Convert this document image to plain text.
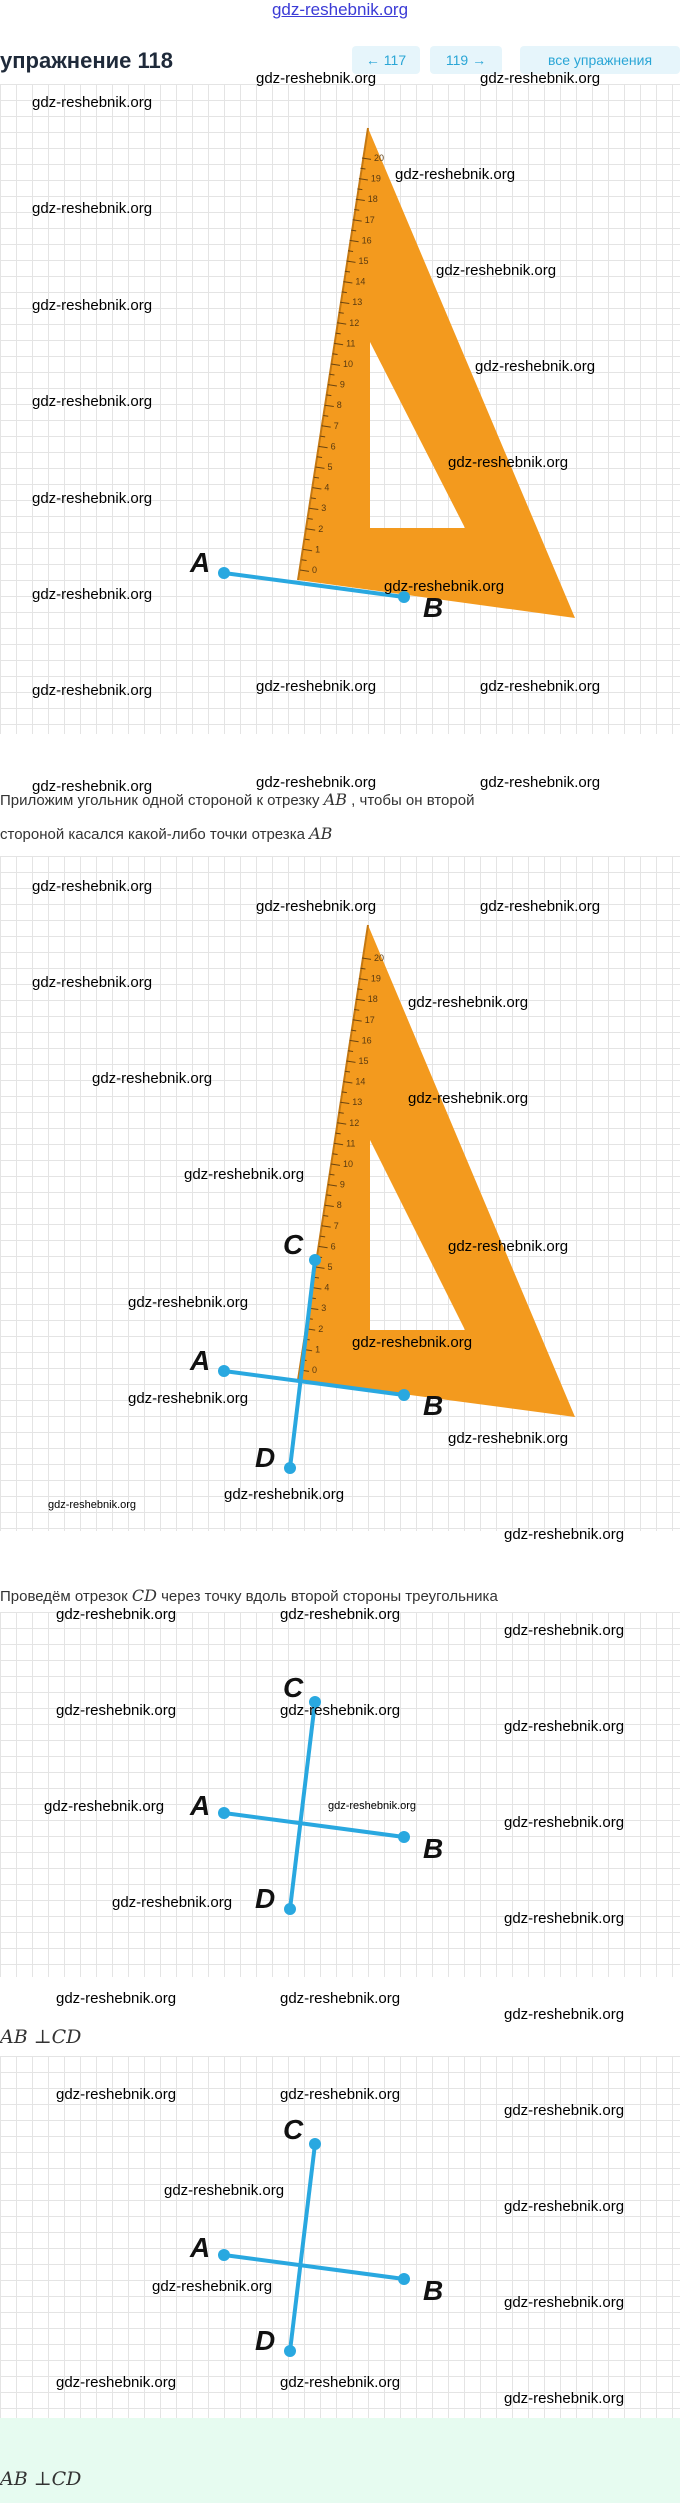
gdz-reshebnik.org
упражнение 118	← 117	119 →	все упражнения
0
1
2
3
4
5
6
7
8
9
10
11
12
13
14
15
16
17
18
19
20
A
B
gdz-reshebnik.org
gdz-reshebnik.org	gdz-reshebnik.org
gdz-reshebnik.org
gdz-reshebnik.org
gdz-reshebnik.org
gdz-reshebnik.org
gdz-reshebnik.org
gdz-reshebnik.org
gdz-reshebnik.org
gdz-reshebnik.org
gdz-reshebnik.org	gdz-reshebnik.org
gdz-reshebnik.org	gdz-reshebnik.org	gdz-reshebnik.org
gdz-reshebnik.org	gdz-reshebnik.org	gdz-reshebnik.org
Приложим угольник одной стороной к отрезку AB , чтобы он второй
стороной касался какой-либо точки отрезка AB
0
1
2
3
4
5
6
7
8
9
10
11
12
13
14
15
16
17
18
19
20
A
B
C
D
gdz-reshebnik.org
gdz-reshebnik.org	gdz-reshebnik.org
gdz-reshebnik.org
gdz-reshebnik.org
gdz-reshebnik.org
gdz-reshebnik.org
gdz-reshebnik.org
gdz-reshebnik.org
gdz-reshebnik.org
gdz-reshebnik.org
gdz-reshebnik.org
gdz-reshebnik.org
gdz-reshebnik.org
gdz-reshebnik.org
gdz-reshebnik.org
Проведём отрезок CD через точку вдоль второй стороны треугольника
A
B
C
D
gdz-reshebnik.org	gdz-reshebnik.org
gdz-reshebnik.org
gdz-reshebnik.org	gdz-reshebnik.org
gdz-reshebnik.org
gdz-reshebnik.org	gdz-reshebnik.org
gdz-reshebnik.org
gdz-reshebnik.org
gdz-reshebnik.org
gdz-reshebnik.org	gdz-reshebnik.org
gdz-reshebnik.org
AB ⊥CD
A
B
C
D
gdz-reshebnik.org	gdz-reshebnik.org
gdz-reshebnik.org
gdz-reshebnik.org
gdz-reshebnik.org
gdz-reshebnik.org
gdz-reshebnik.org
gdz-reshebnik.org	gdz-reshebnik.org
gdz-reshebnik.org
AB ⊥CD
